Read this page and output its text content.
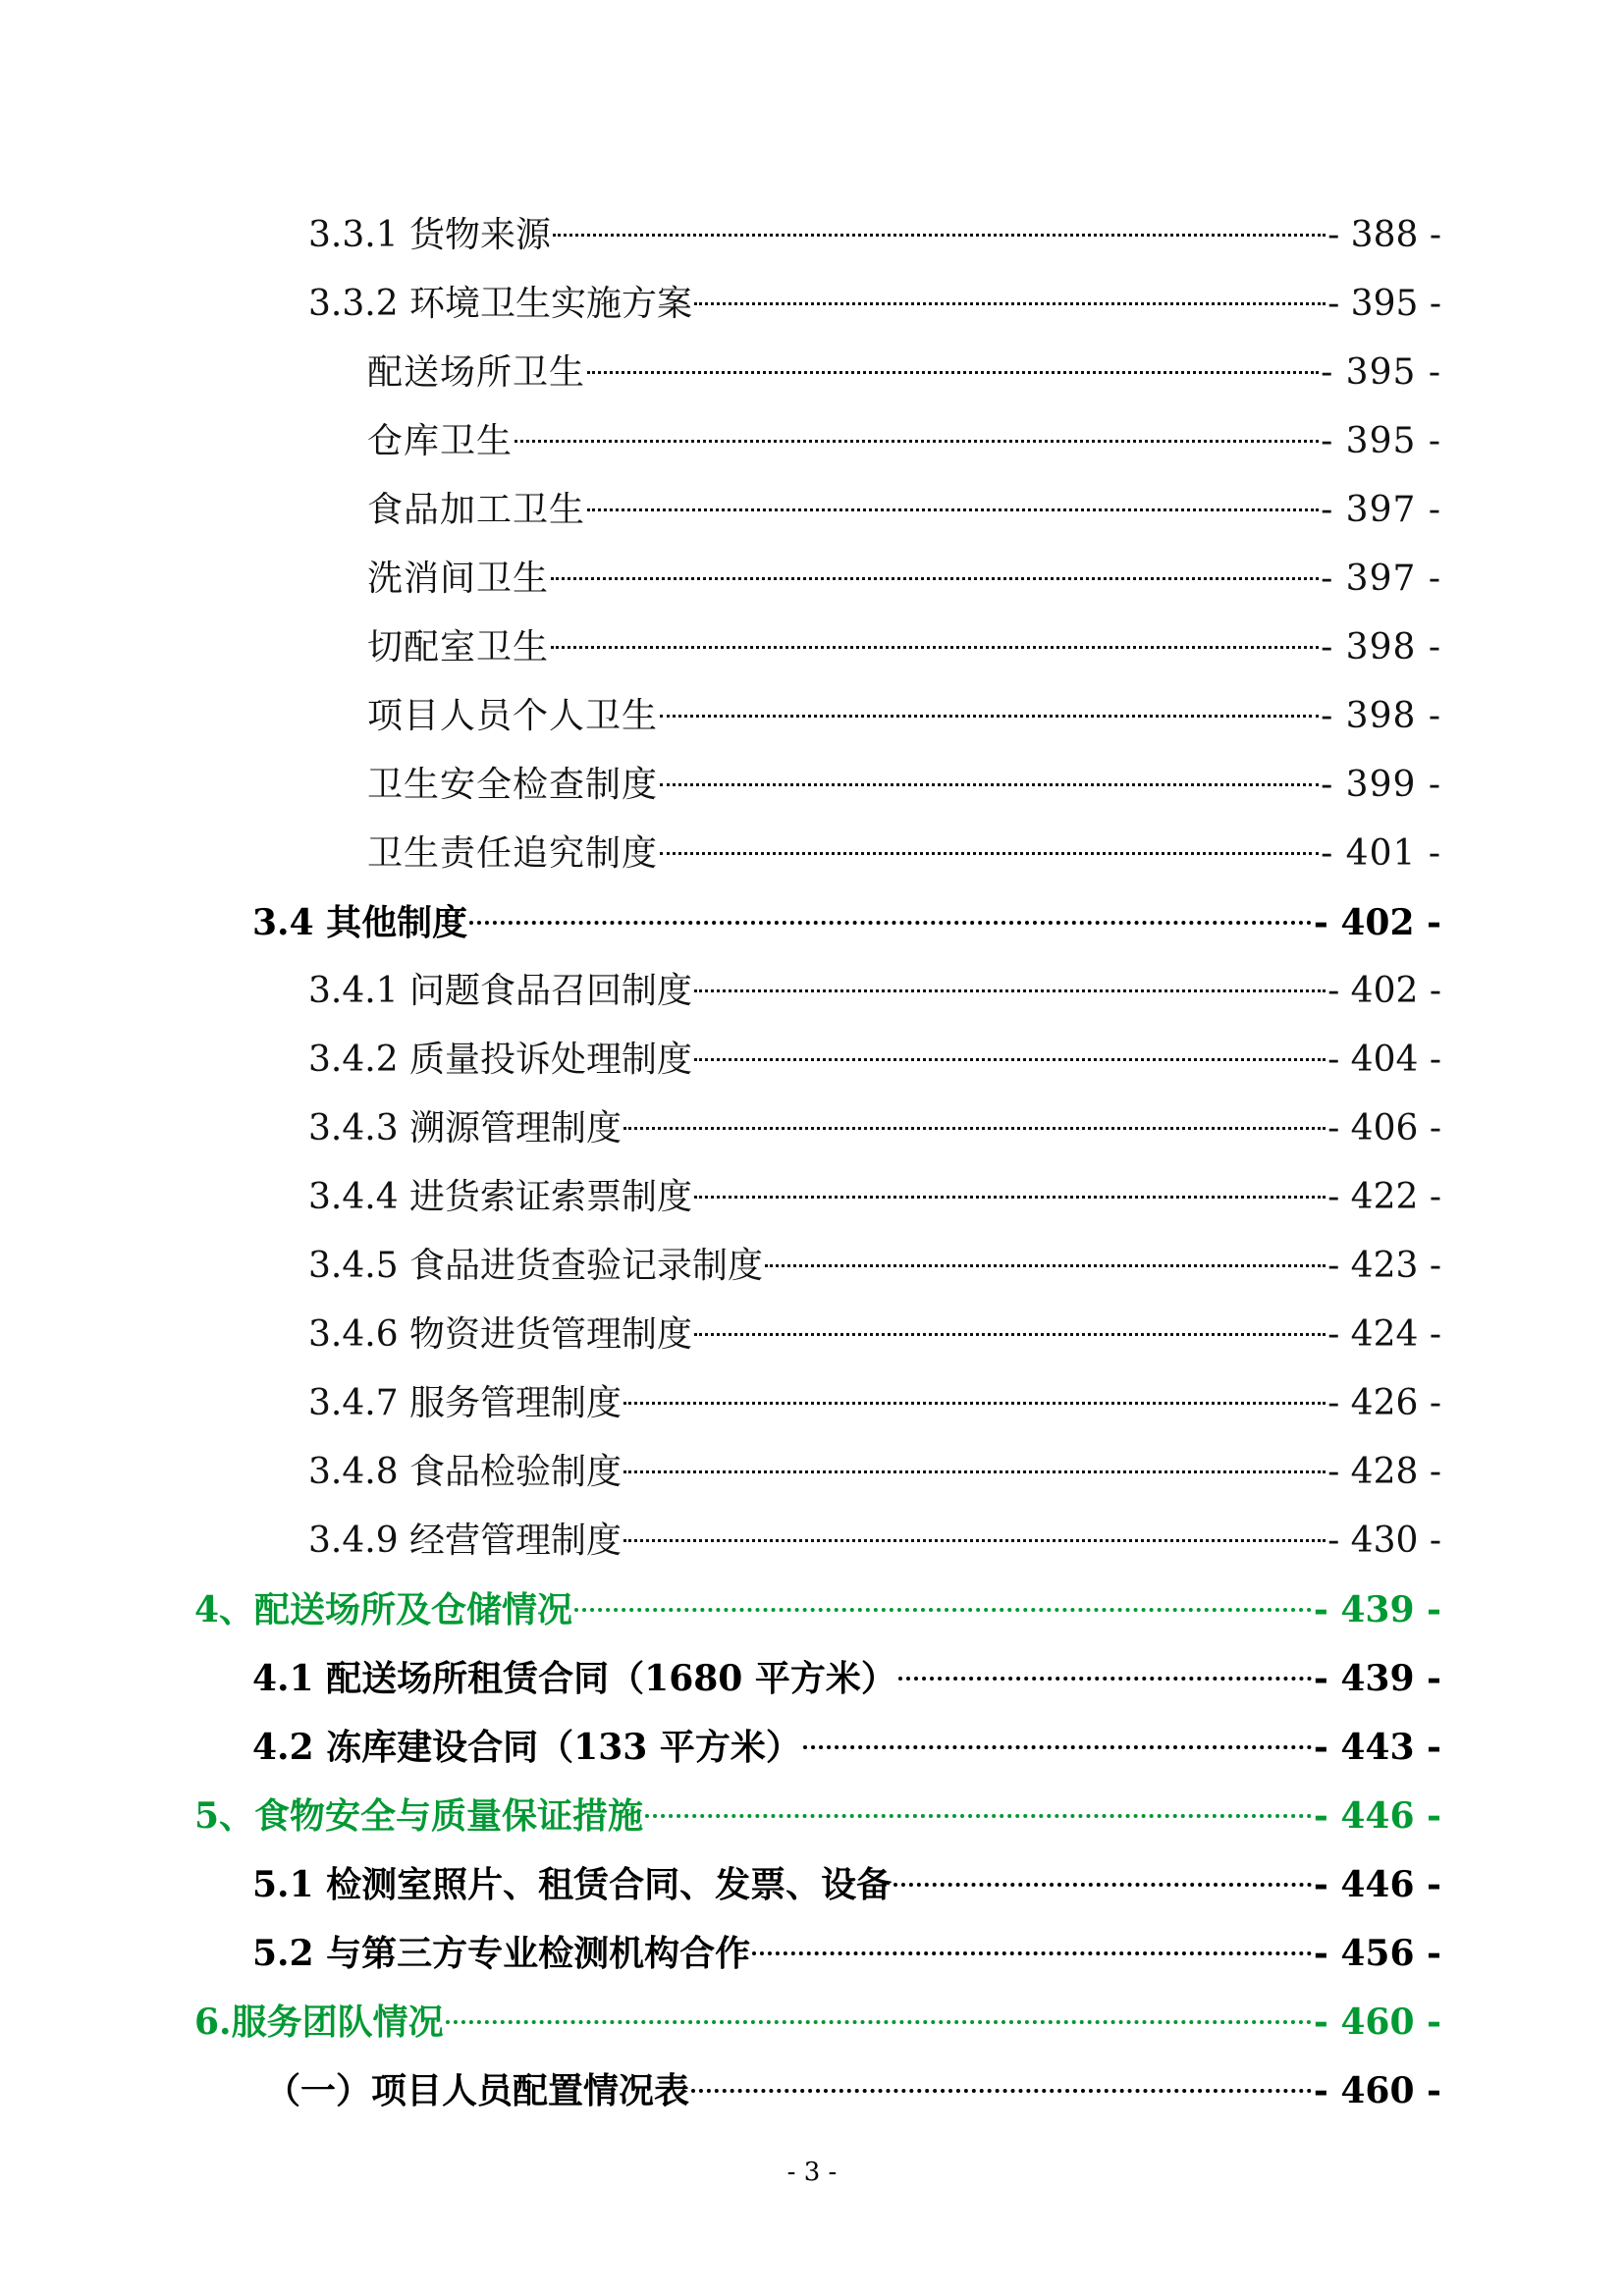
3.3.1 货物来源	- 388 -
3.3.2 环境卫生实施方案	- 395 -
配送场所卫生	- 395 -
仓库卫生	- 395 -
食品加工卫生	- 397 -
洗消间卫生	- 397 -
切配室卫生	- 398 -
项目人员个人卫生	- 398 -
卫生安全检查制度	- 399 -
卫生责任追究制度	- 401 -
3.4 其他制度	- 402 -
3.4.1 问题食品召回制度	- 402 -
3.4.2 质量投诉处理制度	- 404 -
3.4.3 溯源管理制度	- 406 -
3.4.4 进货索证索票制度	- 422 -
3.4.5 食品进货查验记录制度	- 423 -
3.4.6 物资进货管理制度	- 424 -
3.4.7 服务管理制度	- 426 -
3.4.8 食品检验制度	- 428 -
3.4.9 经营管理制度	- 430 -
4、配送场所及仓储情况	- 439 -
4.1 配送场所租赁合同（1680 平方米）	- 439 -
4.2 冻库建设合同（133 平方米）	- 443 -
5、食物安全与质量保证措施	- 446 -
5.1 检测室照片、租赁合同、发票、设备	- 446 -
5.2 与第三方专业检测机构合作	- 456 -
6.服务团队情况	- 460 -
（一）项目人员配置情况表	- 460 -
- 3 -
